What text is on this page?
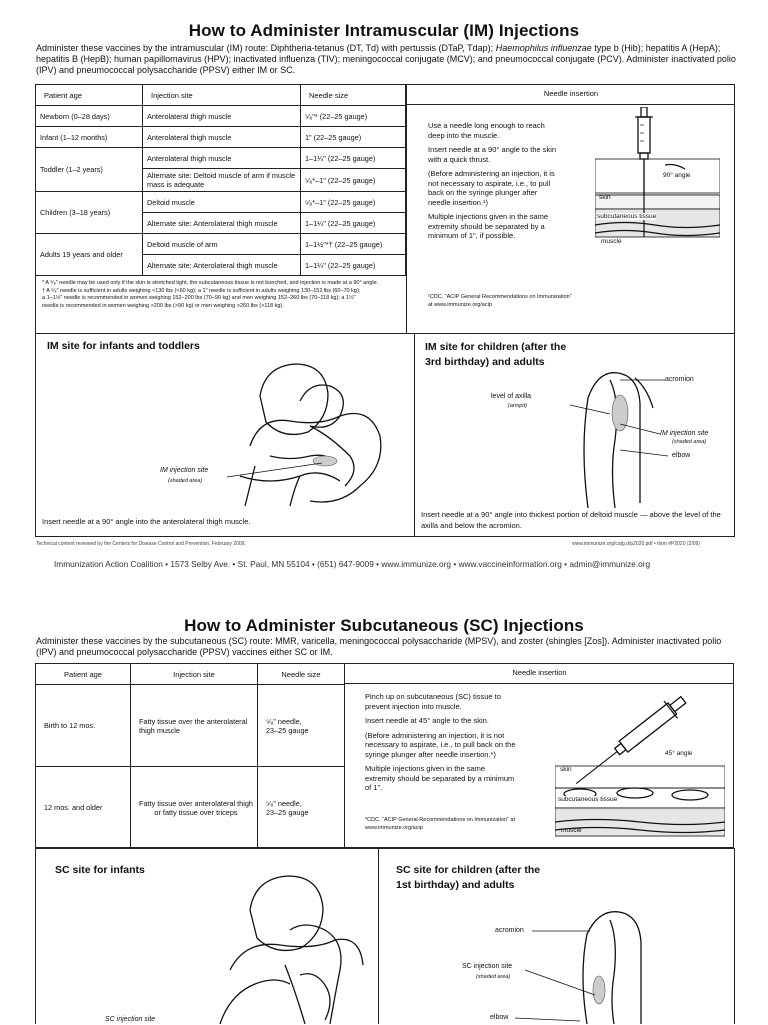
How to Administer Intramuscular (IM) Injections
Administer these vaccines by the intramuscular (IM) route: Diphtheria-tetanus (DT, Td) with pertussis (DTaP, Tdap); Haemophilus influenzae type b (Hib); hepatitis A (HepA); hepatitis B (HepB); human papillomavirus (HPV); inactivated influenza (TIV); meningococcal conjugate (MCV); and pneumococcal conjugate (PCV). Administer inactivated polio (IPV) and pneumococcal polysaccharide (PPSV) either IM or SC.
Patient age	Injection site	Needle size
Newborn (0–28 days)	Anterolateral thigh muscle	⁵⁄₈"* (22–25 gauge)
Infant (1–12 months)	Anterolateral thigh muscle	1" (22–25 gauge)
Toddler (1–2 years)	Anterolateral thigh muscle	1–1¼" (22–25 gauge)
	Alternate site: Deltoid muscle of arm if muscle mass is adequate	⁵⁄₈*–1" (22–25 gauge)
Children (3–18 years)	Deltoid muscle	⁵⁄₈*–1" (22–25 gauge)
	Alternate site: Anterolateral thigh muscle	1–1¼" (22–25 gauge)
Adults 19 years and older	Deltoid muscle of arm	1–1½"*† (22–25 gauge)
	Alternate site: Anterolateral thigh muscle	1–1¼" (22–25 gauge)
Needle insertion
* A ⁵⁄₈" needle may be used only if the skin is stretched tight, the subcutaneous tissue is not bunched, and injection is made at a 90° angle.
† A ⁵⁄₈" needle is sufficient in adults weighing <130 lbs (<60 kg); a 1" needle is sufficient in adults weighing 130–152 lbs (60–70 kg);
a 1–1½" needle is recommended in women weighing 152–200 lbs (70–90 kg) and men weighing 152–260 lbs (70–118 kg); a 1½"
needle is recommended in women weighing >200 lbs (>90 kg) or men weighing >260 lbs (>118 kg).

Use a needle long enough to reach deep into the muscle.

Insert needle at a 90° angle to the skin with a quick thrust.

(Before administering an injection, it is not necessary to aspirate, i.e., to pull back on the syringe plunger after needle insertion.¹)

Multiple injections given in the same extremity should be separated by a minimum of 1", if possible.

¹CDC. “ACIP General Recommendations on Immunization”
at www.immunize.org/acip
90° angle
skin
subcutaneous tissue
muscle
IM site for infants and toddlers
IM injection site
(shaded area)
Insert needle at a 90° angle into the anterolateral thigh muscle.
IM site for children (after the
3rd birthday) and adults
acromion
level of axilla
(armpit)
IM injection site
(shaded area)
elbow
Insert needle at a 90° angle into thickest portion of deltoid muscle — above the level of the axilla and below the acromion.
Technical content reviewed by the Centers for Disease Control and Prevention, February 2009.	www.immunize.org/catg.d/p2020.pdf • Item #P2020 (2/09)
Immunization Action Coalition • 1573 Selby Ave. • St. Paul, MN 55104 • (651) 647-9009 • www.immunize.org • www.vaccineinformation.org • admin@immunize.org
How to Administer Subcutaneous (SC) Injections
Administer these vaccines by the subcutaneous (SC) route: MMR, varicella, meningococcal polysaccharide (MPSV), and zoster (shingles [Zos]). Administer inactivated polio (IPV) and pneumococcal polysaccharide (PPSV) vaccines either SC or IM.
Patient age	Injection site	Needle size
Birth to 12 mos.	Fatty tissue over the anterolateral thigh muscle	⁵⁄₈" needle,
23–25 gauge

12 mos. and older	Fatty tissue over anterolateral thigh or fatty tissue over triceps	⁵⁄₈" needle,
23–25 gauge
Needle insertion

Pinch up on subcutaneous (SC) tissue to prevent injection into muscle.

Insert needle at 45° angle to the skin.

(Before administering an injection, it is not necessary to aspirate, i.e., to pull back on the syringe plunger after needle insertion.*)

Multiple injections given in the same extremity should be separated by a minimum of 1".

*CDC. “ACIP General Recommendations on Immunization” at
www.immunize.org/acip
45° angle
skin
subcutaneous tissue
muscle
SC site for infants
SC injection site
SC site for children (after the
1st birthday) and adults
acromion
SC injection site
(shaded area)
elbow
